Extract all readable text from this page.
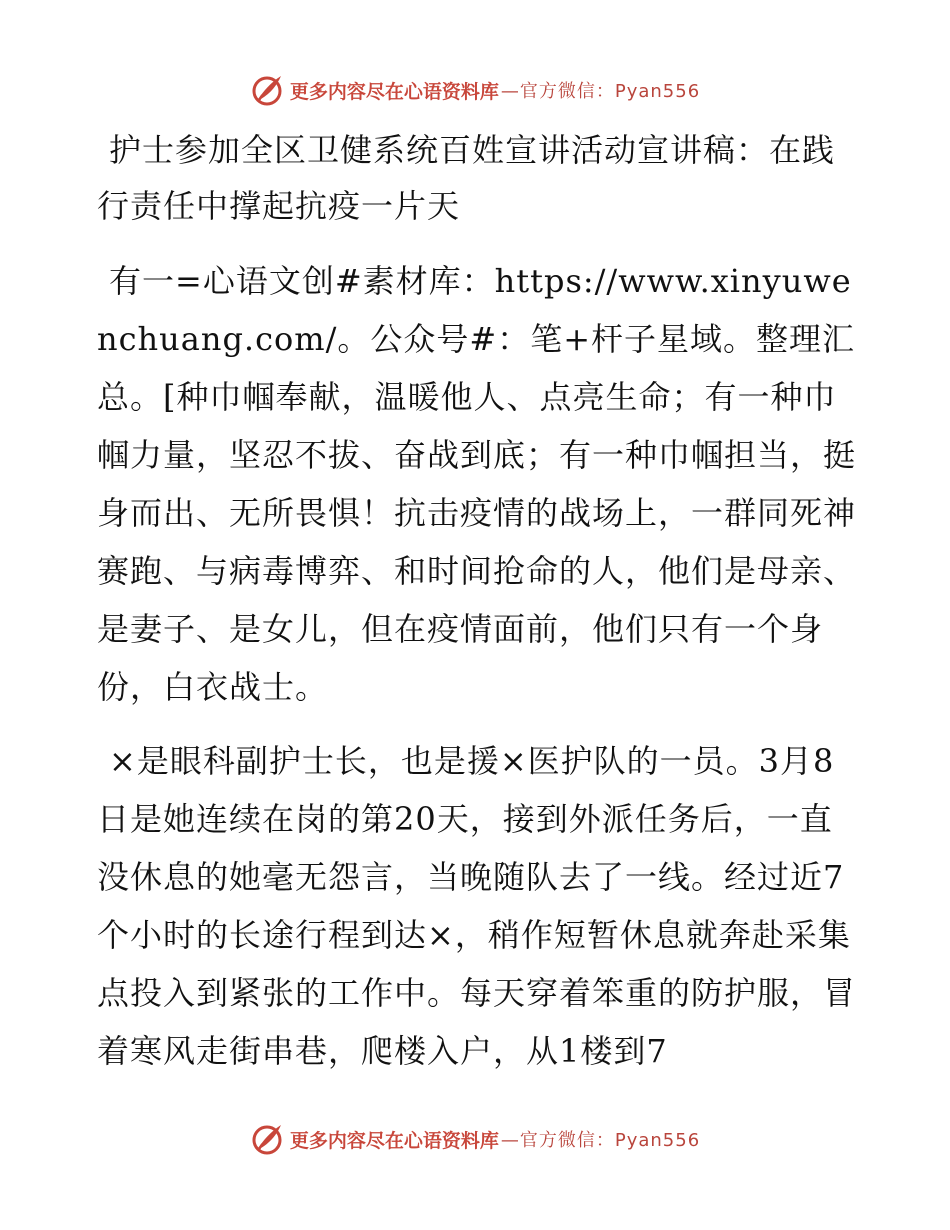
更多内容尽在心语资料库 —官方微信：Pyan556
护士参加全区卫健系统百姓宣讲活动宣讲稿：在践行责任中撑起抗疫一片天

有一=心语文创#素材库：https://www.xinyuwenchuang.com/。公众号#：笔+杆子星域。整理汇总。[种巾帼奉献，温暖他人、点亮生命；有一种巾帼力量，坚忍不拔、奋战到底；有一种巾帼担当，挺身而出、无所畏惧！抗击疫情的战场上，一群同死神赛跑、与病毒博弈、和时间抢命的人，他们是母亲、是妻子、是女儿，但在疫情面前，他们只有一个身份，白衣战士。

×是眼科副护士长，也是援×医护队的一员。3月8日是她连续在岗的第20天，接到外派任务后，一直没休息的她毫无怨言，当晚随队去了一线。经过近7个小时的长途行程到达×，稍作短暂休息就奔赴采集点投入到紧张的工作中。每天穿着笨重的防护服，冒着寒风走街串巷，爬楼入户，从1楼到7

更多内容尽在心语资料库 —官方微信：Pyan556
